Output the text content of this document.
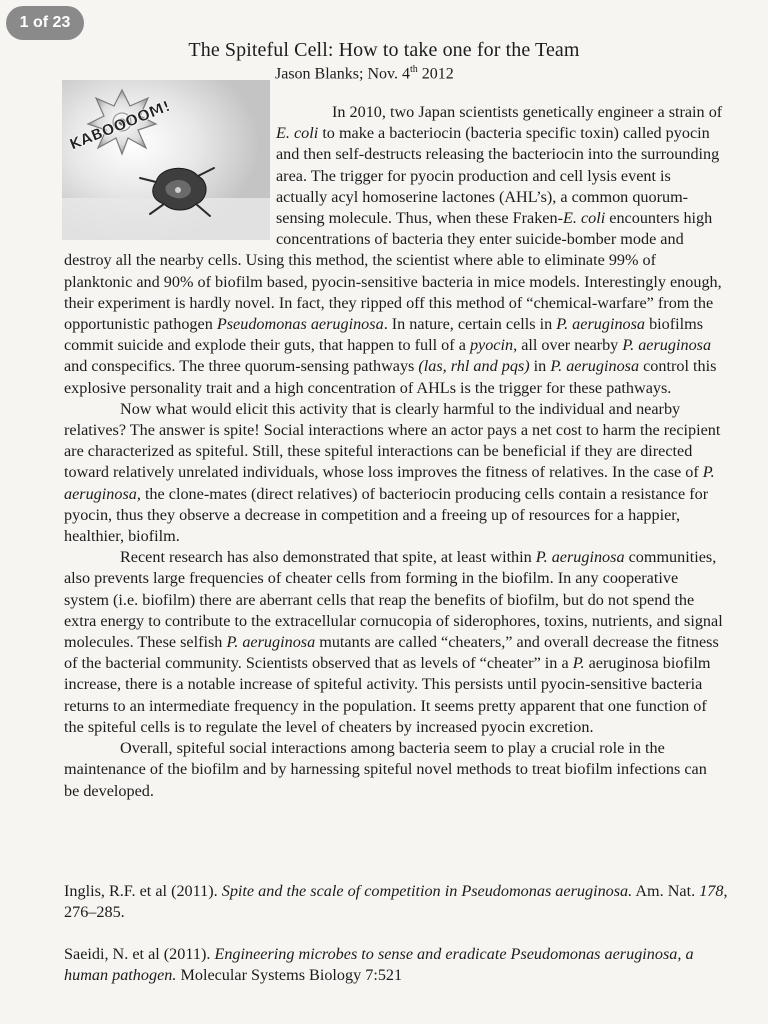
1 of 23
The Spiteful Cell: How to take one for the Team
Jason Blanks; Nov. 4th 2012
KABOOOOM!	In 2010, two Japan scientists genetically engineer a strain of E. coli to make a bacteriocin (bacteria specific toxin) called pyocin and then self-destructs releasing the bacteriocin into the surrounding area. The trigger for pyocin production and cell lysis event is actually acyl homoserine lactones (AHL’s), a common quorum-sensing molecule. Thus, when these Fraken-E. coli encounters high concentrations of bacteria they enter suicide-bomber mode and destroy all the nearby cells. Using this method, the scientist where able to eliminate 99% of planktonic and 90% of biofilm based, pyocin-sensitive bacteria in mice models. Interestingly enough, their experiment is hardly novel. In fact, they ripped off this method of “chemical-warfare” from the opportunistic pathogen Pseudomonas aeruginosa. In nature, certain cells in P. aeruginosa biofilms commit suicide and explode their guts, that happen to full of a pyocin, all over nearby P. aeruginosa and conspecifics. The three quorum-sensing pathways (las, rhl and pqs) in P. aeruginosa control this explosive personality trait and a high concentration of AHLs is the trigger for these pathways.

Now what would elicit this activity that is clearly harmful to the individual and nearby relatives? The answer is spite! Social interactions where an actor pays a net cost to harm the recipient are characterized as spiteful. Still, these spiteful interactions can be beneficial if they are directed toward relatively unrelated individuals, whose loss improves the fitness of relatives. In the case of P. aeruginosa, the clone-mates (direct relatives) of bacteriocin producing cells contain a resistance for pyocin, thus they observe a decrease in competition and a freeing up of resources for a happier, healthier, biofilm.

Recent research has also demonstrated that spite, at least within P. aeruginosa communities, also prevents large frequencies of cheater cells from forming in the biofilm. In any cooperative system (i.e. biofilm) there are aberrant cells that reap the benefits of biofilm, but do not spend the extra energy to contribute to the extracellular cornucopia of siderophores, toxins, nutrients, and signal molecules. These selfish P. aeruginosa mutants are called “cheaters,” and overall decrease the fitness of the bacterial community. Scientists observed that as levels of “cheater” in a P. aeruginosa biofilm increase, there is a notable increase of spiteful activity. This persists until pyocin-sensitive bacteria returns to an intermediate frequency in the population. It seems pretty apparent that one function of the spiteful cells is to regulate the level of cheaters by increased pyocin excretion.

Overall, spiteful social interactions among bacteria seem to play a crucial role in the maintenance of the biofilm and by harnessing spiteful novel methods to treat biofilm infections can be developed.

Inglis, R.F. et al (2011). Spite and the scale of competition in Pseudomonas aeruginosa. Am. Nat. 178, 276–285.
Saeidi, N. et al (2011). Engineering microbes to sense and eradicate Pseudomonas aeruginosa, a human pathogen. Molecular Systems Biology 7:521
